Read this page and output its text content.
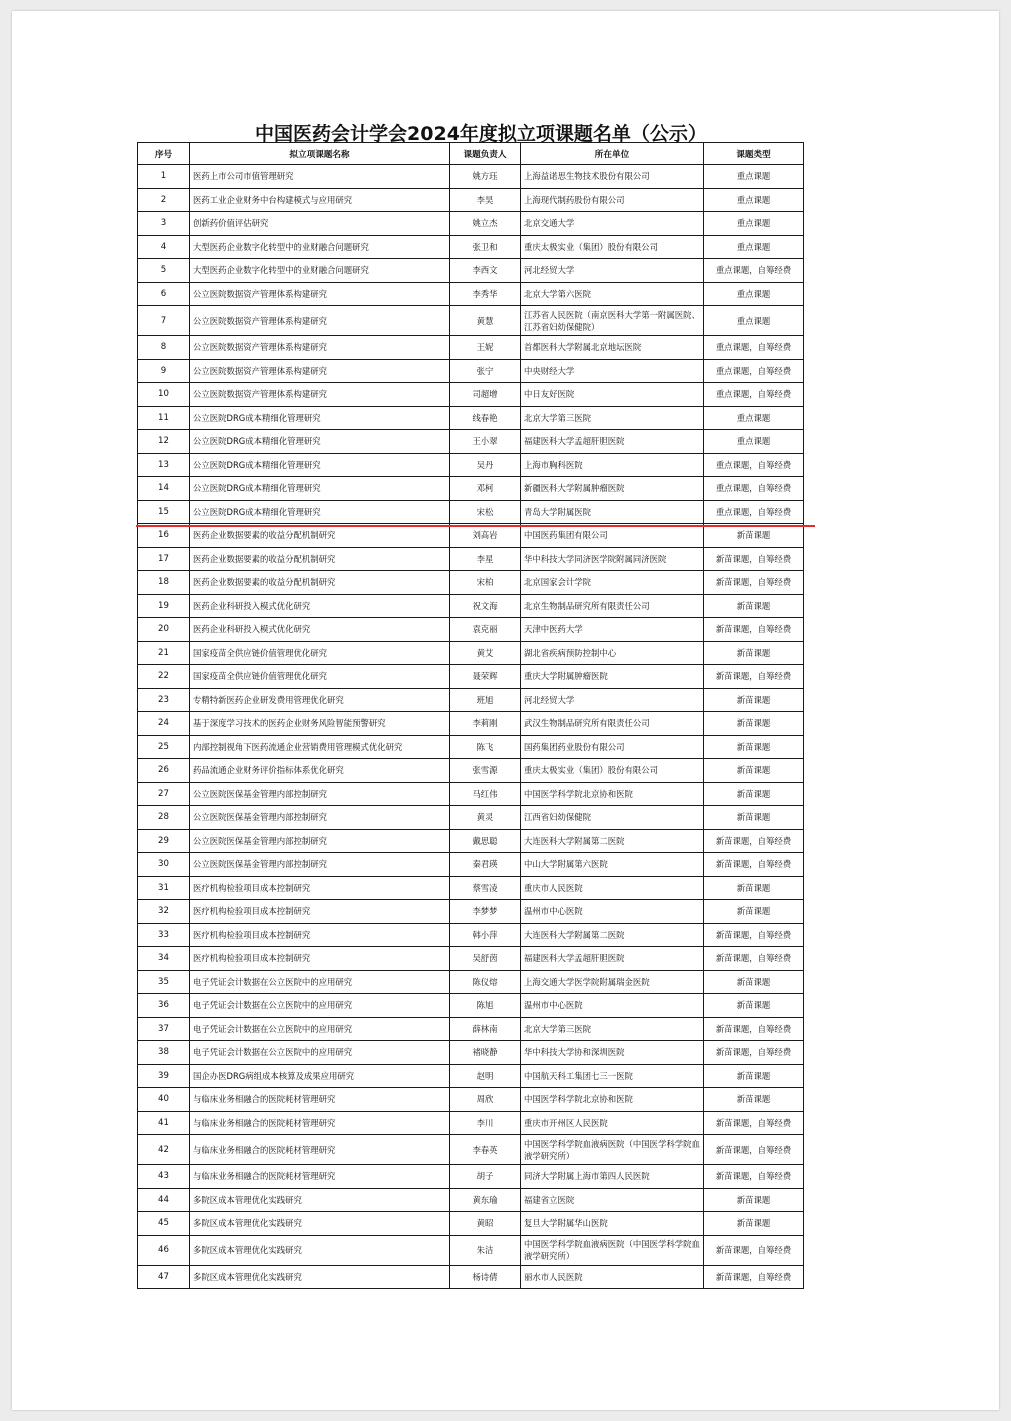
中国医药会计学会2024年度拟立项课题名单（公示）
序号	拟立项课题名称	课题负责人	所在单位	课题类型
1	医药上市公司市值管理研究	姚方珏	上海益诺思生物技术股份有限公司	重点课题
2	医药工业企业财务中台构建模式与应用研究	李昊	上海现代制药股份有限公司	重点课题
3	创新药价值评估研究	姚立杰	北京交通大学	重点课题
4	大型医药企业数字化转型中的业财融合问题研究	张卫和	重庆太极实业（集团）股份有限公司	重点课题
5	大型医药企业数字化转型中的业财融合问题研究	李西文	河北经贸大学	重点课题，自筹经费
6	公立医院数据资产管理体系构建研究	李秀华	北京大学第六医院	重点课题
7	公立医院数据资产管理体系构建研究	黄慧	江苏省人民医院（南京医科大学第一附属医院、江苏省妇幼保健院）	重点课题
8	公立医院数据资产管理体系构建研究	王妮	首都医科大学附属北京地坛医院	重点课题，自筹经费
9	公立医院数据资产管理体系构建研究	张宁	中央财经大学	重点课题，自筹经费
10	公立医院数据资产管理体系构建研究	司超增	中日友好医院	重点课题，自筹经费
11	公立医院DRG成本精细化管理研究	线春艳	北京大学第三医院	重点课题
12	公立医院DRG成本精细化管理研究	王小翠	福建医科大学孟超肝胆医院	重点课题
13	公立医院DRG成本精细化管理研究	吴丹	上海市胸科医院	重点课题，自筹经费
14	公立医院DRG成本精细化管理研究	邓柯	新疆医科大学附属肿瘤医院	重点课题，自筹经费
15	公立医院DRG成本精细化管理研究	宋松	青岛大学附属医院	重点课题，自筹经费
16	医药企业数据要素的收益分配机制研究	刘高岩	中国医药集团有限公司	新苗课题
17	医药企业数据要素的收益分配机制研究	李星	华中科技大学同济医学院附属同济医院	新苗课题，自筹经费
18	医药企业数据要素的收益分配机制研究	宋柏	北京国家会计学院	新苗课题，自筹经费
19	医药企业科研投入模式优化研究	祝文海	北京生物制品研究所有限责任公司	新苗课题
20	医药企业科研投入模式优化研究	袁克丽	天津中医药大学	新苗课题，自筹经费
21	国家疫苗全供应链价值管理优化研究	黄艾	湖北省疾病预防控制中心	新苗课题
22	国家疫苗全供应链价值管理优化研究	聂荣辉	重庆大学附属肿瘤医院	新苗课题，自筹经费
23	专精特新医药企业研发费用管理优化研究	班旭	河北经贸大学	新苗课题
24	基于深度学习技术的医药企业财务风险智能预警研究	李莉刚	武汉生物制品研究所有限责任公司	新苗课题
25	内部控制视角下医药流通企业营销费用管理模式优化研究	陈飞	国药集团药业股份有限公司	新苗课题
26	药品流通企业财务评价指标体系优化研究	张雪源	重庆太极实业（集团）股份有限公司	新苗课题
27	公立医院医保基金管理内部控制研究	马红伟	中国医学科学院北京协和医院	新苗课题
28	公立医院医保基金管理内部控制研究	黄灵	江西省妇幼保健院	新苗课题
29	公立医院医保基金管理内部控制研究	戴思聪	大连医科大学附属第二医院	新苗课题，自筹经费
30	公立医院医保基金管理内部控制研究	秦君瑛	中山大学附属第六医院	新苗课题，自筹经费
31	医疗机构检验项目成本控制研究	蔡雪凌	重庆市人民医院	新苗课题
32	医疗机构检验项目成本控制研究	李梦梦	温州市中心医院	新苗课题
33	医疗机构检验项目成本控制研究	韩小萍	大连医科大学附属第二医院	新苗课题，自筹经费
34	医疗机构检验项目成本控制研究	吴舒茵	福建医科大学孟超肝胆医院	新苗课题，自筹经费
35	电子凭证会计数据在公立医院中的应用研究	陈仪熔	上海交通大学医学院附属瑞金医院	新苗课题
36	电子凭证会计数据在公立医院中的应用研究	陈旭	温州市中心医院	新苗课题
37	电子凭证会计数据在公立医院中的应用研究	薛林南	北京大学第三医院	新苗课题，自筹经费
38	电子凭证会计数据在公立医院中的应用研究	褚晓静	华中科技大学协和深圳医院	新苗课题，自筹经费
39	国企办医DRG病组成本核算及成果应用研究	赵明	中国航天科工集团七三一医院	新苗课题
40	与临床业务相融合的医院耗材管理研究	周欣	中国医学科学院北京协和医院	新苗课题
41	与临床业务相融合的医院耗材管理研究	李川	重庆市开州区人民医院	新苗课题，自筹经费
42	与临床业务相融合的医院耗材管理研究	李春英	中国医学科学院血液病医院（中国医学科学院血液学研究所）	新苗课题，自筹经费
43	与临床业务相融合的医院耗材管理研究	胡子	同济大学附属上海市第四人民医院	新苗课题，自筹经费
44	多院区成本管理优化实践研究	黄东瑜	福建省立医院	新苗课题
45	多院区成本管理优化实践研究	黄昭	复旦大学附属华山医院	新苗课题
46	多院区成本管理优化实践研究	朱洁	中国医学科学院血液病医院（中国医学科学院血液学研究所）	新苗课题，自筹经费
47	多院区成本管理优化实践研究	杨诗倩	丽水市人民医院	新苗课题，自筹经费
